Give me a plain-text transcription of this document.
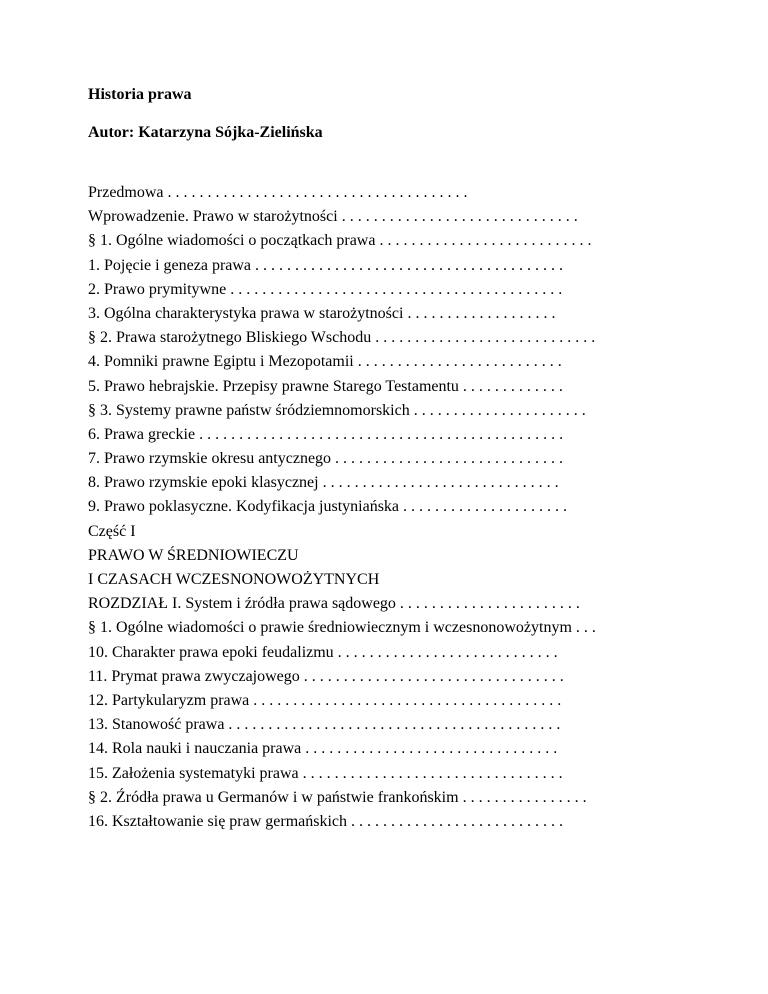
Historia prawa

Autor: Katarzyna Sójka-Zielińska

Przedmowa . . . . . . . . . . . . . . . . . . . . . . . . . . . . . . . . . . . . . .
Wprowadzenie. Prawo w starożytności . . . . . . . . . . . . . . . . . . . . . . . . . . . . . .
§ 1. Ogólne wiadomości o początkach prawa . . . . . . . . . . . . . . . . . . . . . . . . . . .
1. Pojęcie i geneza prawa . . . . . . . . . . . . . . . . . . . . . . . . . . . . . . . . . . . . . . .
2. Prawo prymitywne . . . . . . . . . . . . . . . . . . . . . . . . . . . . . . . . . . . . . . . . . .
3. Ogólna charakterystyka prawa w starożytności . . . . . . . . . . . . . . . . . . .
§ 2. Prawa starożytnego Bliskiego Wschodu . . . . . . . . . . . . . . . . . . . . . . . . . . . .
4. Pomniki prawne Egiptu i Mezopotamii . . . . . . . . . . . . . . . . . . . . . . . . . .
5. Prawo hebrajskie. Przepisy prawne Starego Testamentu . . . . . . . . . . . . .
§ 3. Systemy prawne państw śródziemnomorskich . . . . . . . . . . . . . . . . . . . . . .
6. Prawa greckie . . . . . . . . . . . . . . . . . . . . . . . . . . . . . . . . . . . . . . . . . . . . . .
7. Prawo rzymskie okresu antycznego . . . . . . . . . . . . . . . . . . . . . . . . . . . . .
8. Prawo rzymskie epoki klasycznej . . . . . . . . . . . . . . . . . . . . . . . . . . . . . .
9. Prawo poklasyczne. Kodyfikacja justyniańska . . . . . . . . . . . . . . . . . . . . .
Część I
PRAWO W ŚREDNIOWIECZU
I CZASACH WCZESNONOWOŻYTNYCH
ROZDZIAŁ I. System i źródła prawa sądowego . . . . . . . . . . . . . . . . . . . . . . .
§ 1. Ogólne wiadomości o prawie średniowiecznym i wczesnonowożytnym . . .
10. Charakter prawa epoki feudalizmu . . . . . . . . . . . . . . . . . . . . . . . . . . . .
11. Prymat prawa zwyczajowego . . . . . . . . . . . . . . . . . . . . . . . . . . . . . . . . .
12. Partykularyzm prawa . . . . . . . . . . . . . . . . . . . . . . . . . . . . . . . . . . . . . . .
13. Stanowość prawa . . . . . . . . . . . . . . . . . . . . . . . . . . . . . . . . . . . . . . . . . .
14. Rola nauki i nauczania prawa . . . . . . . . . . . . . . . . . . . . . . . . . . . . . . . .
15. Założenia systematyki prawa . . . . . . . . . . . . . . . . . . . . . . . . . . . . . . . . .
§ 2. Źródła prawa u Germanów i w państwie frankońskim . . . . . . . . . . . . . . . .
16. Kształtowanie się praw germańskich . . . . . . . . . . . . . . . . . . . . . . . . . . .
